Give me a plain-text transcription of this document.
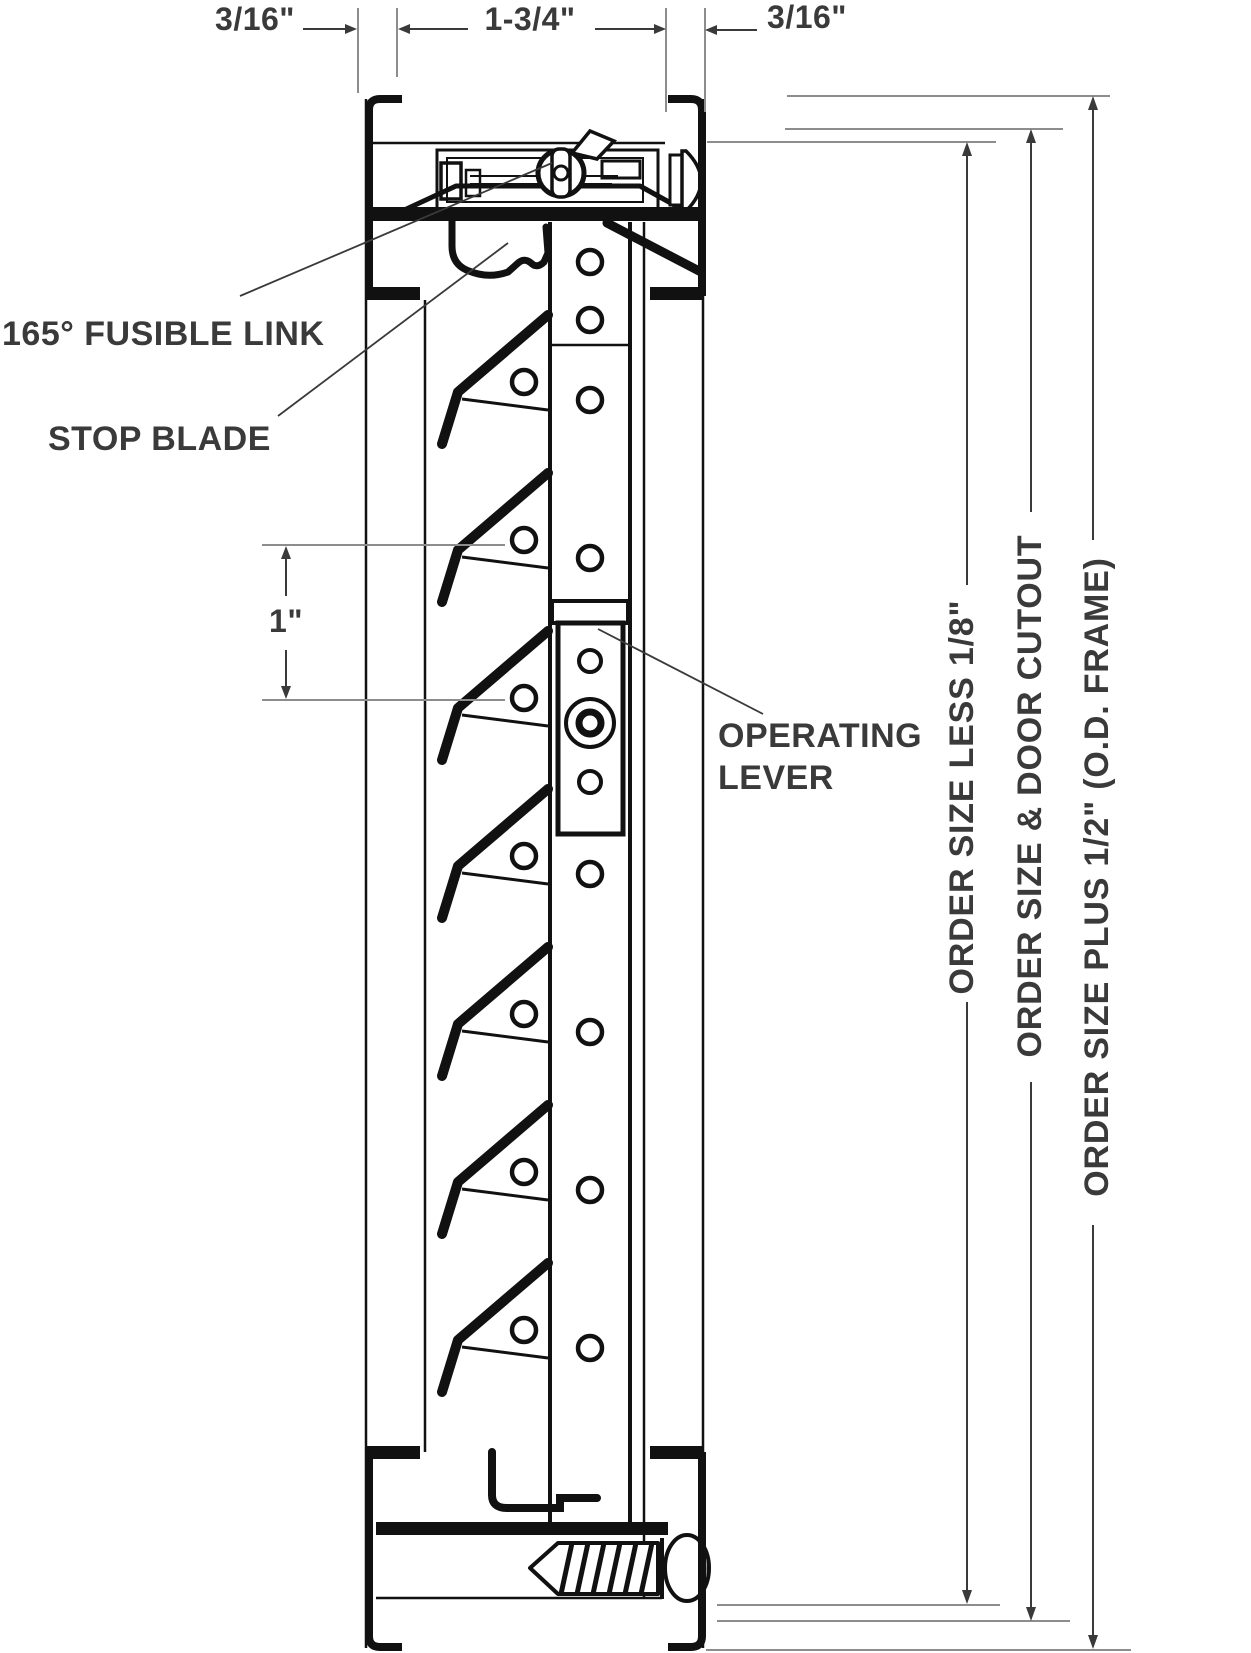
3/16"	1-3/4"	3/16"
1"	ORDER SIZE LESS 1/8" ORDER SIZE & DOOR CUTOUT ORDER SIZE PLUS 1/2" (O.D. FRAME)
165° FUSIBLE LINK
STOP BLADE
OPERATING
LEVER
